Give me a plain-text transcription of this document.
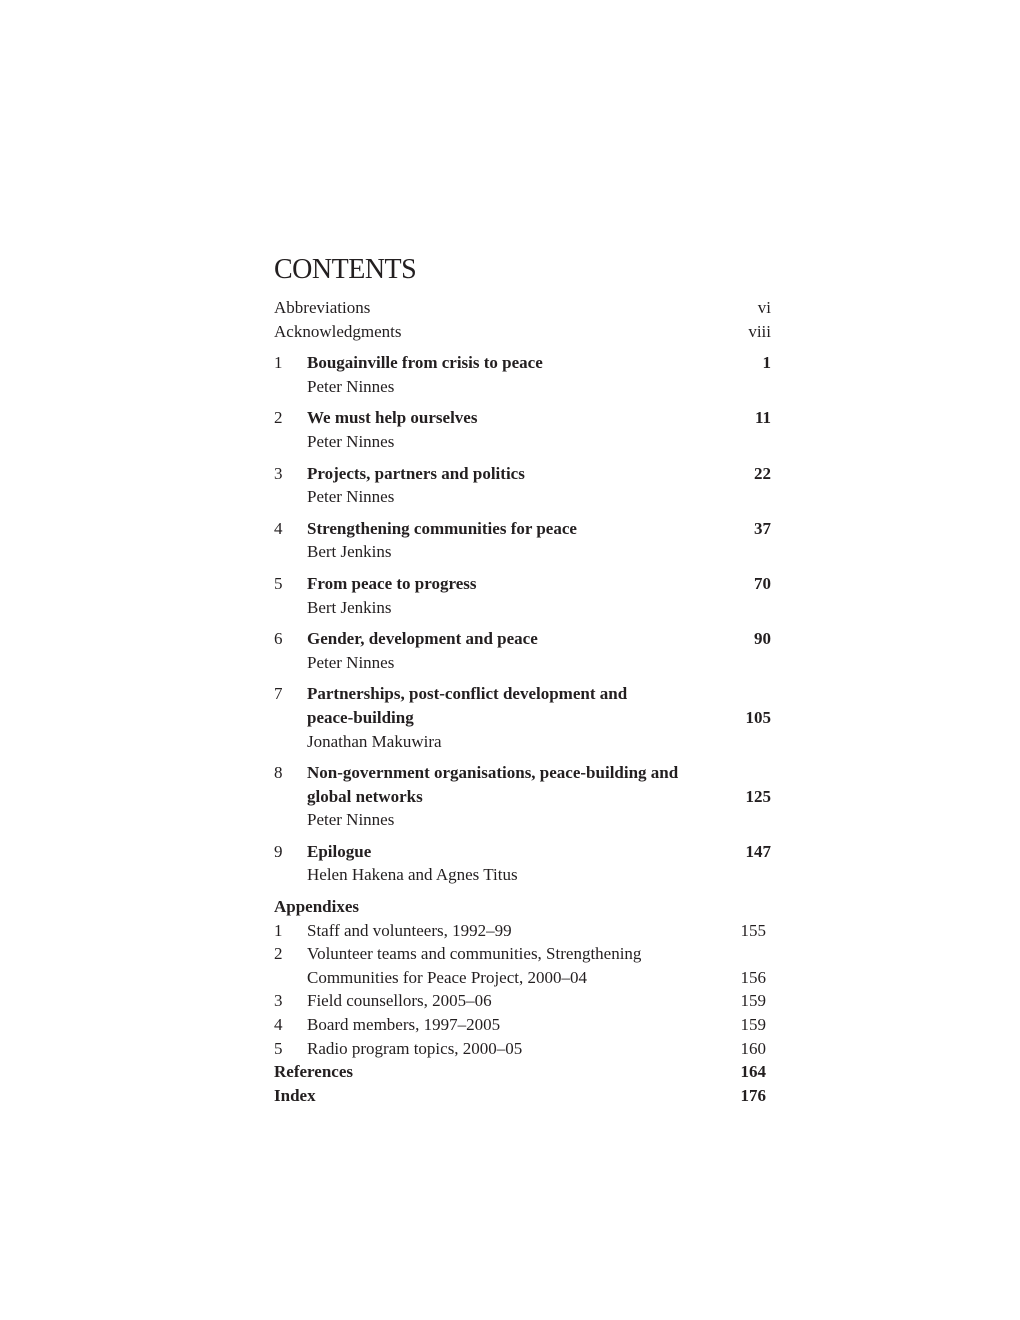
CONTENTS
Abbreviations	vi
Acknowledgments	viii
1 Bougainville from crisis to peace	1
Peter Ninnes
2 We must help ourselves	11
Peter Ninnes
3 Projects, partners and politics	22
Peter Ninnes
4 Strengthening communities for peace	37
Bert Jenkins
5 From peace to progress	70
Bert Jenkins
6 Gender, development and peace	90
Peter Ninnes
7 Partnerships, post-conflict development and peace-building	105
Jonathan Makuwira
8 Non-government organisations, peace-building and global networks	125
Peter Ninnes
9 Epilogue	147
Helen Hakena and Agnes Titus
Appendixes
1 Staff and volunteers, 1992–99	155
2 Volunteer teams and communities, Strengthening Communities for Peace Project, 2000–04	156
3 Field counsellors, 2005–06	159
4 Board members, 1997–2005	159
5 Radio program topics, 2000–05	160
References	164
Index	176
